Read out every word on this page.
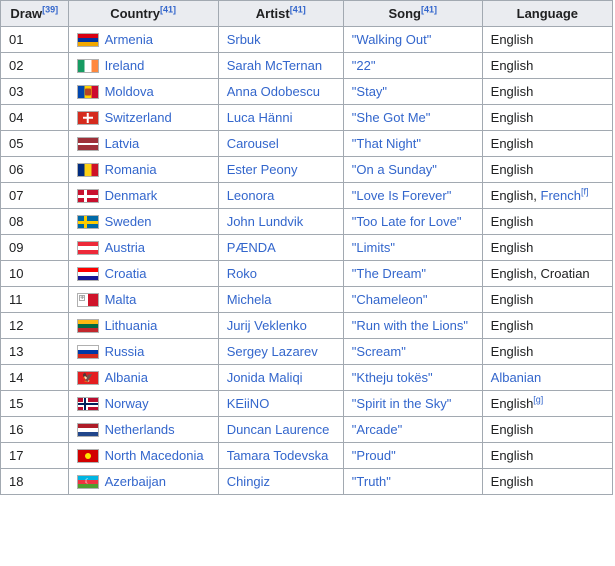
Draw[39]	Country[41]	Artist[41]	Song[41]	Language
01	Armenia	Srbuk	"Walking Out"	English
02	Ireland	Sarah McTernan	"22"	English
03	Moldova	Anna Odobescu	"Stay"	English
04	Switzerland	Luca Hänni	"She Got Me"	English
05	Latvia	Carousel	"That Night"	English
06	Romania	Ester Peony	"On a Sunday"	English
07	Denmark	Leonora	"Love Is Forever"	English, French[f]
08	Sweden	John Lundvik	"Too Late for Love"	English
09	Austria	PÆNDA	"Limits"	English
10	Croatia	Roko	"The Dream"	English, Croatian
11	✚ Malta	Michela	"Chameleon"	English
12	Lithuania	Jurij Veklenko	"Run with the Lions"	English
13	Russia	Sergey Lazarev	"Scream"	English
14	🦅 Albania	Jonida Maliqi	"Ktheju tokës"	Albanian
15	Norway	KEiiNO	"Spirit in the Sky"	English[g]
16	Netherlands	Duncan Laurence	"Arcade"	English
17	North Macedonia	Tamara Todevska	"Proud"	English
18	☾ Azerbaijan	Chingiz	"Truth"	English
